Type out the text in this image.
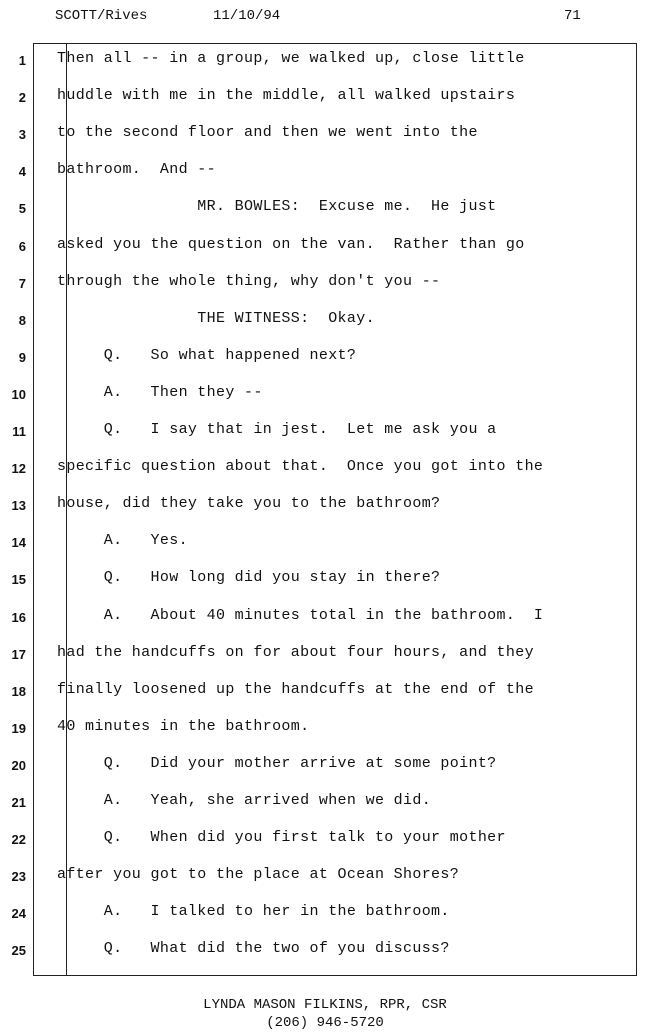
SCOTT/Rives	11/10/94	71
1 Then all -- in a group, we walked up, close little
2 huddle with me in the middle, all walked upstairs
3 to the second floor and then we went into the
4 bathroom.  And --
5 MR. BOWLES:  Excuse me.  He just
6 asked you the question on the van.  Rather than go
7 through the whole thing, why don't you --
8 THE WITNESS:  Okay.
9 Q.   So what happened next?
10 A.   Then they --
11 Q.   I say that in jest.  Let me ask you a
12 specific question about that.  Once you got into the
13 house, did they take you to the bathroom?
14 A.   Yes.
15 Q.   How long did you stay in there?
16 A.   About 40 minutes total in the bathroom.  I
17 had the handcuffs on for about four hours, and they
18 finally loosened up the handcuffs at the end of the
19 40 minutes in the bathroom.
20 Q.   Did your mother arrive at some point?
21 A.   Yeah, she arrived when we did.
22 Q.   When did you first talk to your mother
23 after you got to the place at Ocean Shores?
24 A.   I talked to her in the bathroom.
25 Q.   What did the two of you discuss?
LYNDA MASON FILKINS, RPR, CSR
(206) 946-5720
